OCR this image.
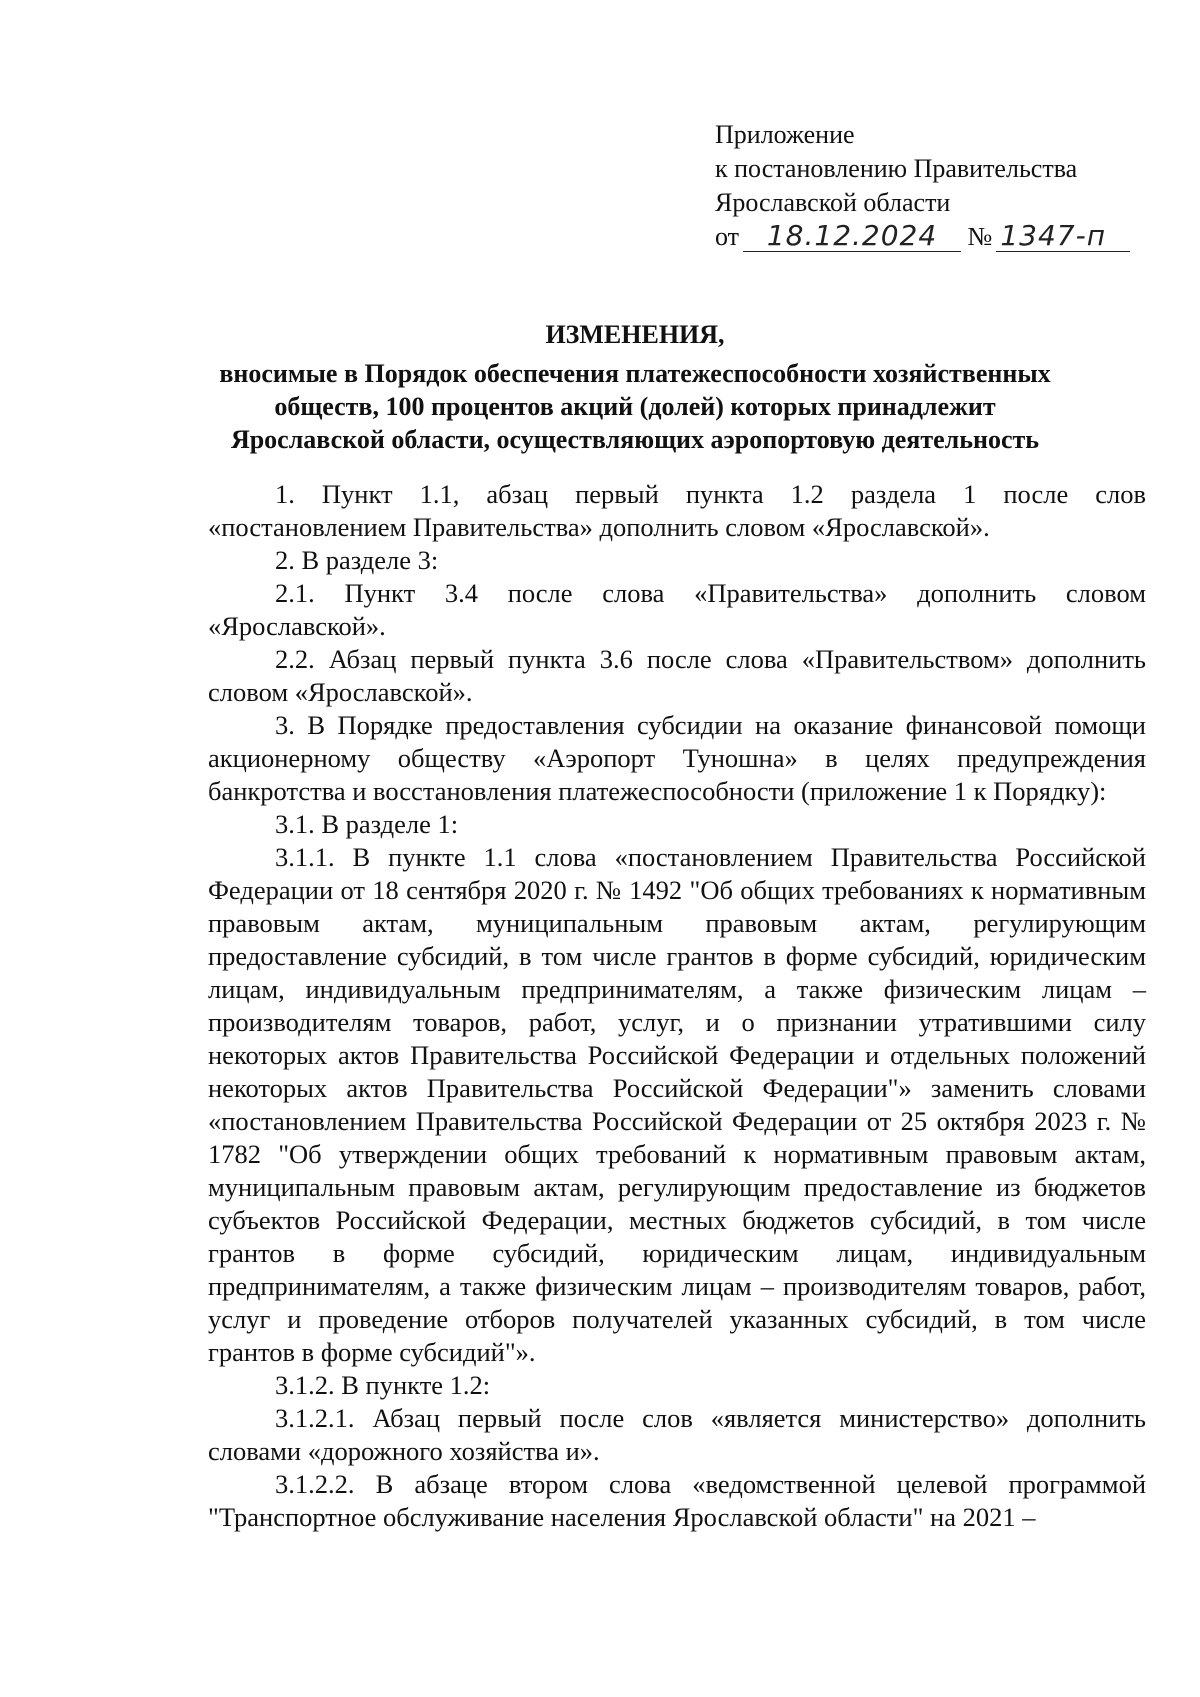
Приложение
к постановлению Правительства
Ярославской области
от 18.12.2024 № 1347-п
ИЗМЕНЕНИЯ,
вносимые в Порядок обеспечения платежеспособности хозяйственных
обществ, 100 процентов акций (долей) которых принадлежит
Ярославской области, осуществляющих аэропортовую деятельность

1. Пункт 1.1, абзац первый пункта 1.2 раздела 1 после слов «постановлением Правительства» дополнить словом «Ярославской».

2. В разделе 3:

2.1. Пункт 3.4 после слова «Правительства» дополнить словом «Ярославской».

2.2. Абзац первый пункта 3.6 после слова «Правительством» дополнить словом «Ярославской».

3. В Порядке предоставления субсидии на оказание финансовой помощи акционерному обществу «Аэропорт Туношна» в целях предупреждения банкротства и восстановления платежеспособности (приложение 1 к Порядку):

3.1. В разделе 1:

3.1.1. В пункте 1.1 слова «постановлением Правительства Российской Федерации от 18 сентября 2020 г. № 1492 "Об общих требованиях к нормативным правовым актам, муниципальным правовым актам, регулирующим предоставление субсидий, в том числе грантов в форме субсидий, юридическим лицам, индивидуальным предпринимателям, а также физическим лицам – производителям товаров, работ, услуг, и о признании утратившими силу некоторых актов Правительства Российской Федерации и отдельных положений некоторых актов Правительства Российской Федерации"» заменить словами «постановлением Правительства Российской Федерации от 25 октября 2023 г. № 1782 "Об утверждении общих требований к нормативным правовым актам, муниципальным правовым актам, регулирующим предоставление из бюджетов субъектов Российской Федерации, местных бюджетов субсидий, в том числе грантов в форме субсидий, юридическим лицам, индивидуальным предпринимателям, а также физическим лицам – производителям товаров, работ, услуг и проведение отборов получателей указанных субсидий, в том числе грантов в форме субсидий"».

3.1.2. В пункте 1.2:

3.1.2.1. Абзац первый после слов «является министерство» дополнить словами «дорожного хозяйства и».

3.1.2.2. В абзаце втором слова «ведомственной целевой программой "Транспортное обслуживание населения Ярославской области" на 2021 –
